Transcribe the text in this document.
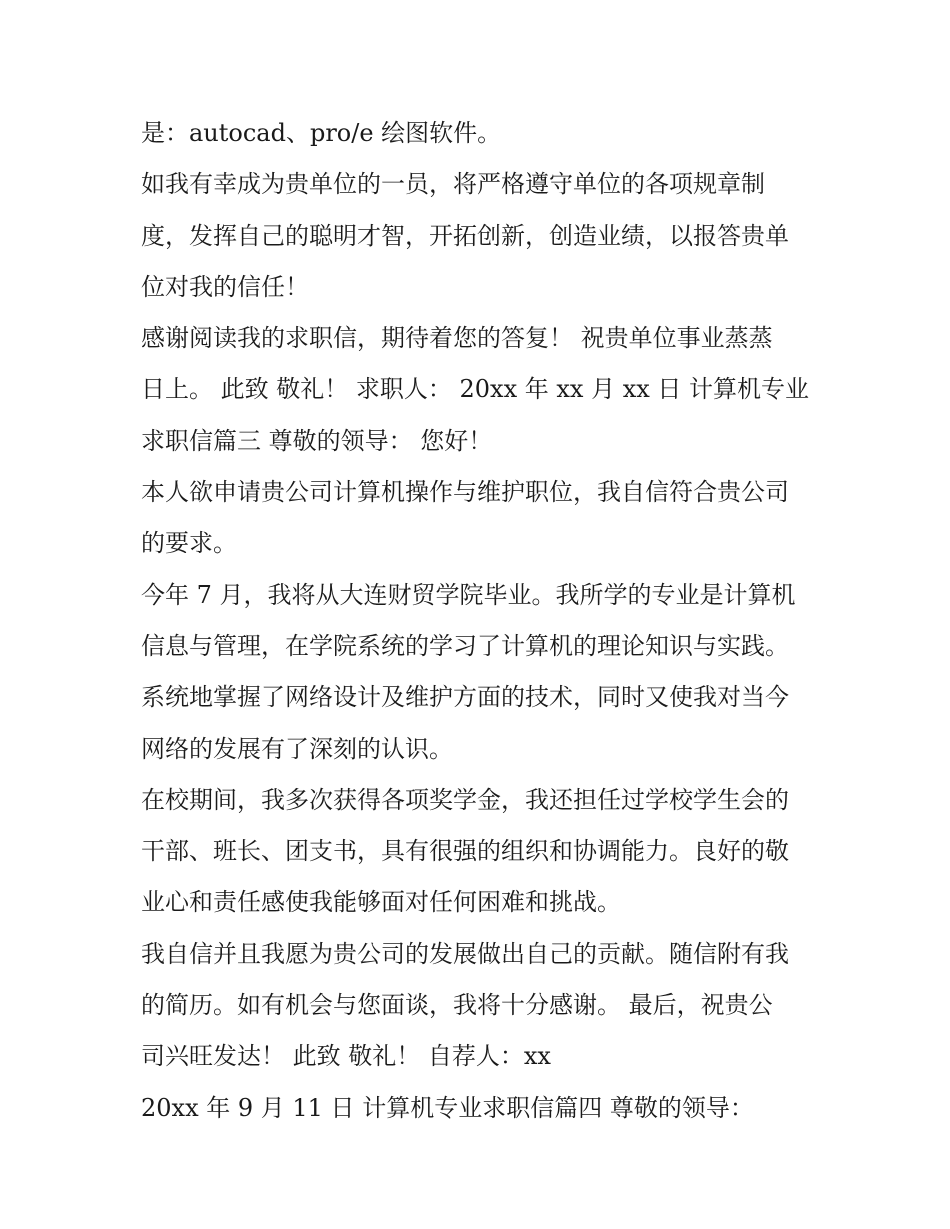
是：autocad、pro/e 绘图软件。
如我有幸成为贵单位的一员，将严格遵守单位的各项规章制
度，发挥自己的聪明才智，开拓创新，创造业绩，以报答贵单
位对我的信任！
感谢阅读我的求职信，期待着您的答复！ 祝贵单位事业蒸蒸
日上。 此致 敬礼！ 求职人： 20xx 年 xx 月 xx 日 计算机专业
求职信篇三 尊敬的领导： 您好！
本人欲申请贵公司计算机操作与维护职位，我自信符合贵公司
的要求。
今年 7 月，我将从大连财贸学院毕业。我所学的专业是计算机
信息与管理，在学院系统的学习了计算机的理论知识与实践。
系统地掌握了网络设计及维护方面的技术，同时又使我对当今
网络的发展有了深刻的认识。
在校期间，我多次获得各项奖学金，我还担任过学校学生会的
干部、班长、团支书，具有很强的组织和协调能力。良好的敬
业心和责任感使我能够面对任何困难和挑战。
我自信并且我愿为贵公司的发展做出自己的贡献。随信附有我
的简历。如有机会与您面谈，我将十分感谢。 最后，祝贵公
司兴旺发达！ 此致 敬礼！ 自荐人：xx
20xx 年 9 月 11 日 计算机专业求职信篇四 尊敬的领导：
